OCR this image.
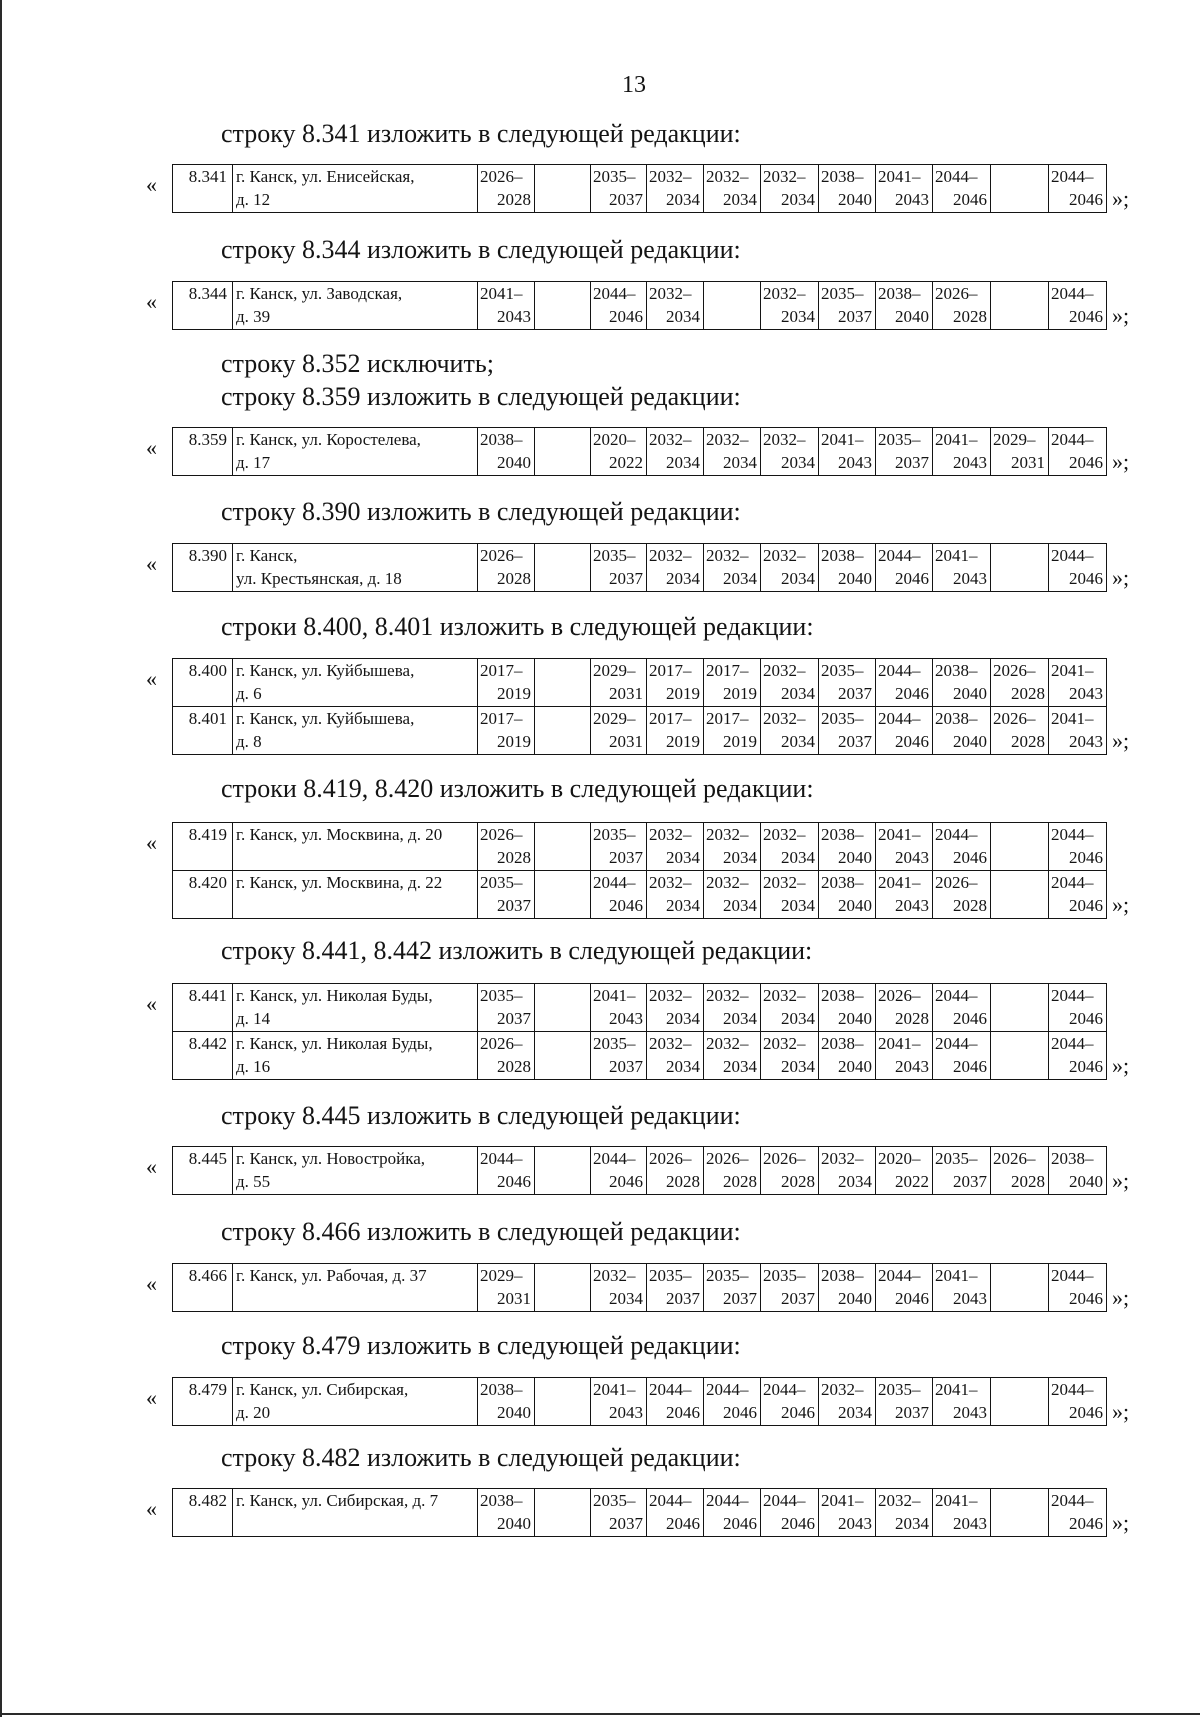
13
строку 8.341 изложить в следующей редакции:
« 8.341 г. Канск, ул. Енисейская,
д. 12
2026–
2028
2035–
2037
2032–
2034
2032–
2034
2032–
2034
2038–
2040
2041–
2043
2044–
2046
2044–
2046 »;
строку 8.344 изложить в следующей редакции:
« 8.344 г. Канск, ул. Заводская,
д. 39
2041–
2043
2044–
2046
2032–
2034
2032–
2034
2035–
2037
2038–
2040
2026–
2028
2044–
2046 »;
строку 8.352 исключить;
строку 8.359 изложить в следующей редакции:
« 8.359 г. Канск, ул. Коростелева,
д. 17
2038–
2040
2020–
2022
2032–
2034
2032–
2034
2032–
2034
2041–
2043
2035–
2037
2041–
2043
2029–
2031
2044–
2046 »;
строку 8.390 изложить в следующей редакции:
« 8.390 г. Канск,
ул. Крестьянская, д. 18
2026–
2028
2035–
2037
2032–
2034
2032–
2034
2032–
2034
2038–
2040
2044–
2046
2041–
2043
2044–
2046 »;
строки 8.400, 8.401 изложить в следующей редакции:
« 8.400 г. Канск, ул. Куйбышева,
д. 6
2017–
2019
2029–
2031
2017–
2019
2017–
2019
2032–
2034
2035–
2037
2044–
2046
2038–
2040
2026–
2028
2041–
2043
8.401 г. Канск, ул. Куйбышева,
д. 8
2017–
2019
2029–
2031
2017–
2019
2017–
2019
2032–
2034
2035–
2037
2044–
2046
2038–
2040
2026–
2028
2041–
2043 »;
строки 8.419, 8.420 изложить в следующей редакции:
« 8.419 г. Канск, ул. Москвина, д. 20 2026–
2028
2035–
2037
2032–
2034
2032–
2034
2032–
2034
2038–
2040
2041–
2043
2044–
2046
2044–
2046
8.420 г. Канск, ул. Москвина, д. 22 2035–
2037
2044–
2046
2032–
2034
2032–
2034
2032–
2034
2038–
2040
2041–
2043
2026–
2028
2044–
2046 »;
строку 8.441, 8.442 изложить в следующей редакции:
« 8.441 г. Канск, ул. Николая Буды,
д. 14
2035–
2037
2041–
2043
2032–
2034
2032–
2034
2032–
2034
2038–
2040
2026–
2028
2044–
2046
2044–
2046
8.442 г. Канск, ул. Николая Буды,
д. 16
2026–
2028
2035–
2037
2032–
2034
2032–
2034
2032–
2034
2038–
2040
2041–
2043
2044–
2046
2044–
2046 »;
строку 8.445 изложить в следующей редакции:
« 8.445 г. Канск, ул. Новостройка,
д. 55
2044–
2046
2044–
2046
2026–
2028
2026–
2028
2026–
2028
2032–
2034
2020–
2022
2035–
2037
2026–
2028
2038–
2040 »;
строку 8.466 изложить в следующей редакции:
« 8.466 г. Канск, ул. Рабочая, д. 37	2029–
2031
2032–
2034
2035–
2037
2035–
2037
2035–
2037
2038–
2040
2044–
2046
2041–
2043
2044–
2046 »;
строку 8.479 изложить в следующей редакции:
« 8.479 г. Канск, ул. Сибирская,
д. 20
2038–
2040
2041–
2043
2044–
2046
2044–
2046
2044–
2046
2032–
2034
2035–
2037
2041–
2043
2044–
2046 »;
строку 8.482 изложить в следующей редакции:
« 8.482 г. Канск, ул. Сибирская, д. 7 2038–
2040
2035–
2037
2044–
2046
2044–
2046
2044–
2046
2041–
2043
2032–
2034
2041–
2043
2044–
2046 »;
